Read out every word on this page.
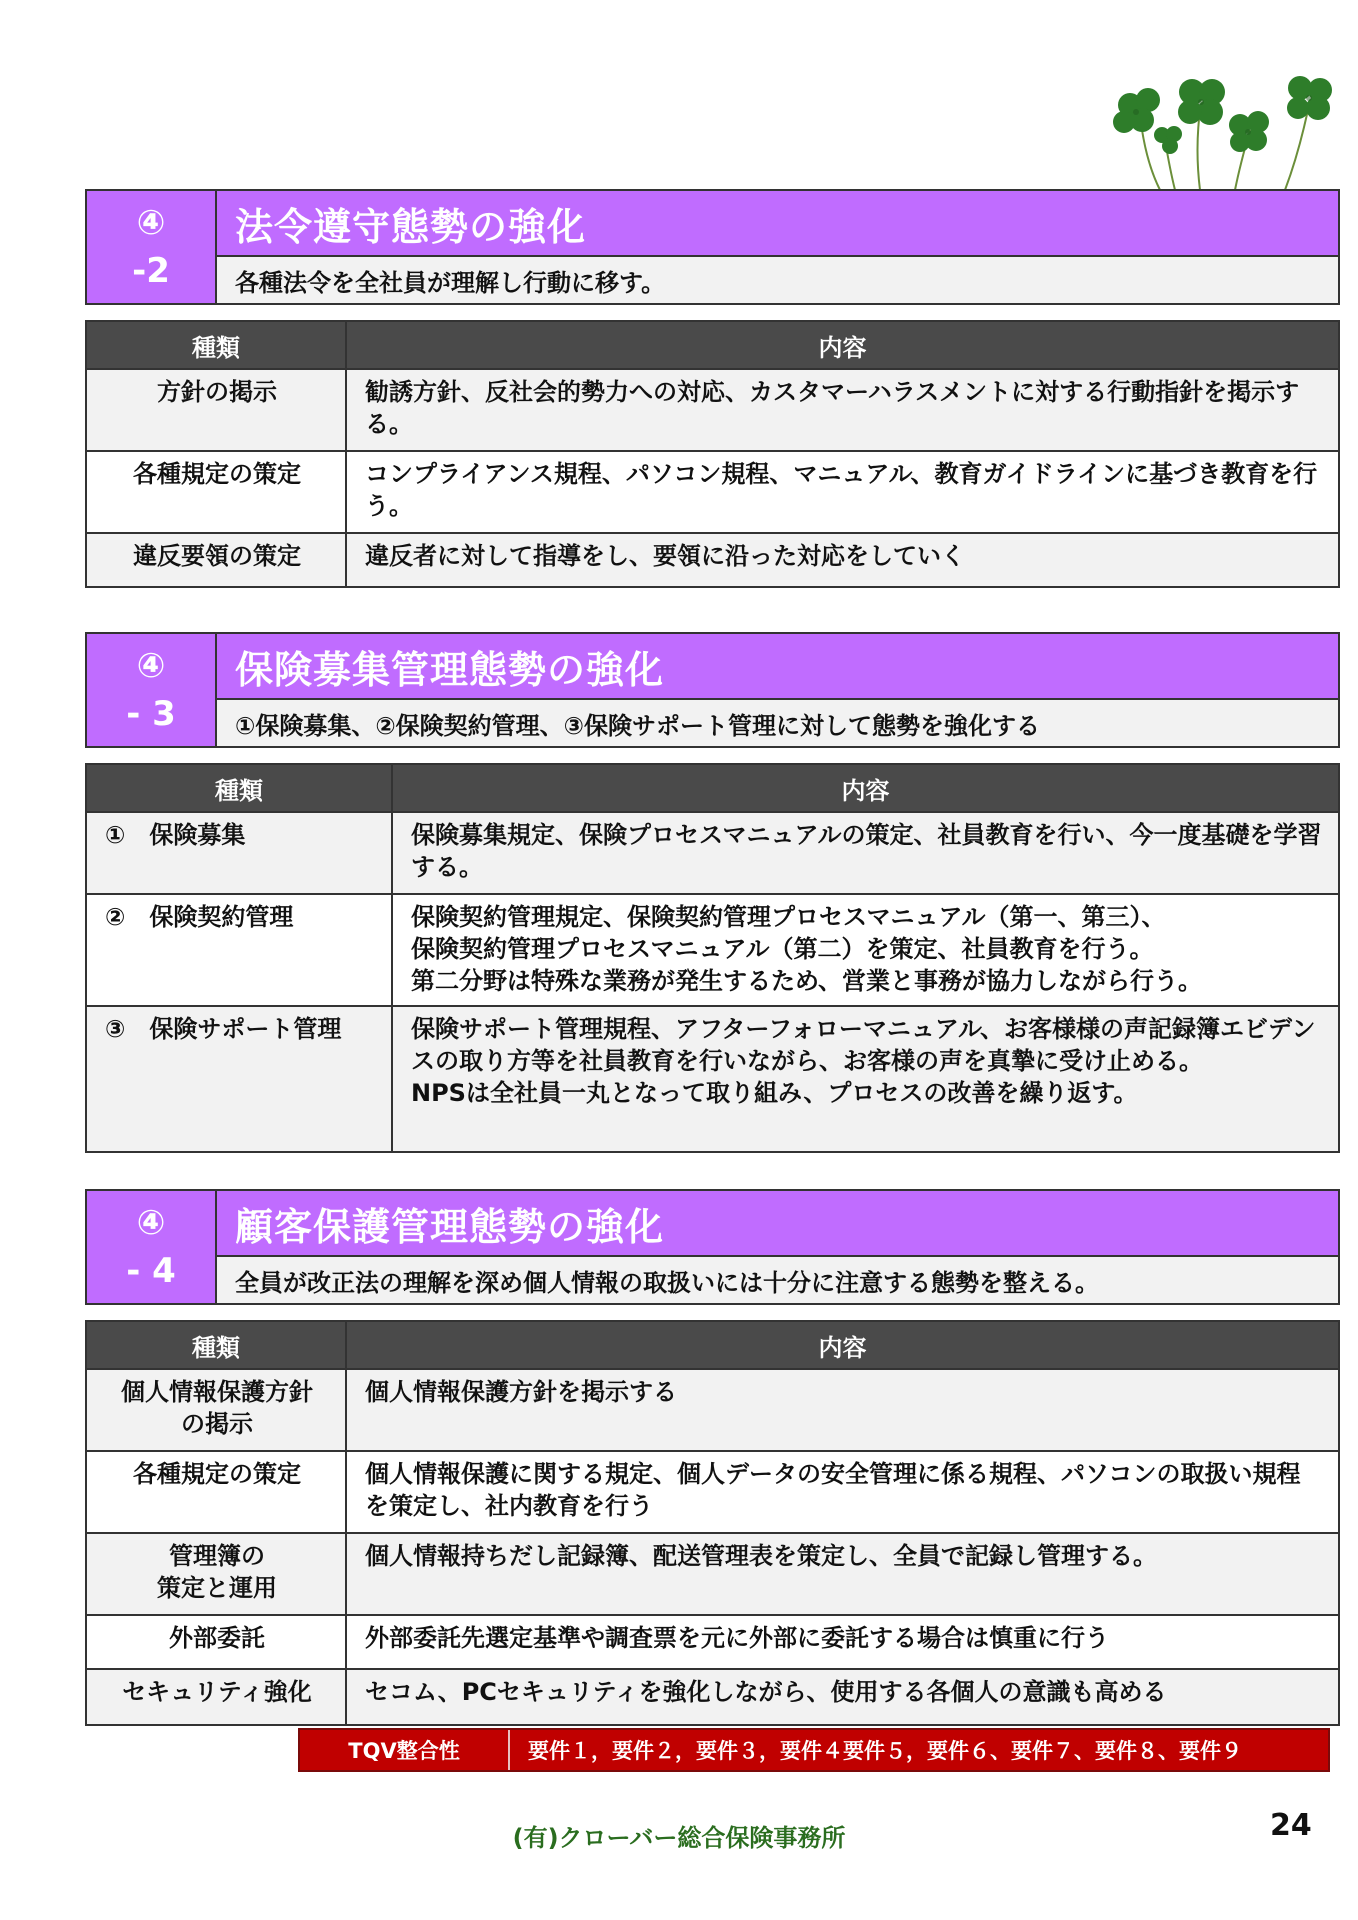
④
-2
法令遵守態勢の強化
各種法令を全社員が理解し行動に移す。
種類	内容
方針の掲示	勧誘方針、反社会的勢力への対応、カスタマーハラスメントに対する行動指針を掲示する。
各種規定の策定	コンプライアンス規程、パソコン規程、マニュアル、教育ガイドラインに基づき教育を行う。
違反要領の策定	違反者に対して指導をし、要領に沿った対応をしていく
④
- 3
保険募集管理態勢の強化
①保険募集、②保険契約管理、③保険サポート管理に対して態勢を強化する
種類	内容
①　保険募集	保険募集規定、保険プロセスマニュアルの策定、社員教育を行い、今一度基礎を学習する。
②　保険契約管理	保険契約管理規定、保険契約管理プロセスマニュアル（第一、第三）、
保険契約管理プロセスマニュアル（第二）を策定、社員教育を行う。
第二分野は特殊な業務が発生するため、営業と事務が協力しながら行う。
③　保険サポート管理	保険サポート管理規程、アフターフォローマニュアル、お客様様の声記録簿エビデンスの取り方等を社員教育を行いながら、お客様の声を真摯に受け止める。
NPSは全社員一丸となって取り組み、プロセスの改善を繰り返す。
④
- 4
顧客保護管理態勢の強化
全員が改正法の理解を深め個人情報の取扱いには十分に注意する態勢を整える。
種類	内容
個人情報保護方針
の掲示	個人情報保護方針を掲示する
各種規定の策定	個人情報保護に関する規定、個人データの安全管理に係る規程、パソコンの取扱い規程を策定し、社内教育を行う
管理簿の
策定と運用	個人情報持ちだし記録簿、配送管理表を策定し、全員で記録し管理する。
外部委託	外部委託先選定基準や調査票を元に外部に委託する場合は慎重に行う
セキュリティ強化	セコム、PCセキュリティを強化しながら、使用する各個人の意識も高める
TQV整合性	要件１，要件２，要件３，要件４要件５，要件６、要件７、要件８、要件９
(有)クローバー総合保険事務所	24
